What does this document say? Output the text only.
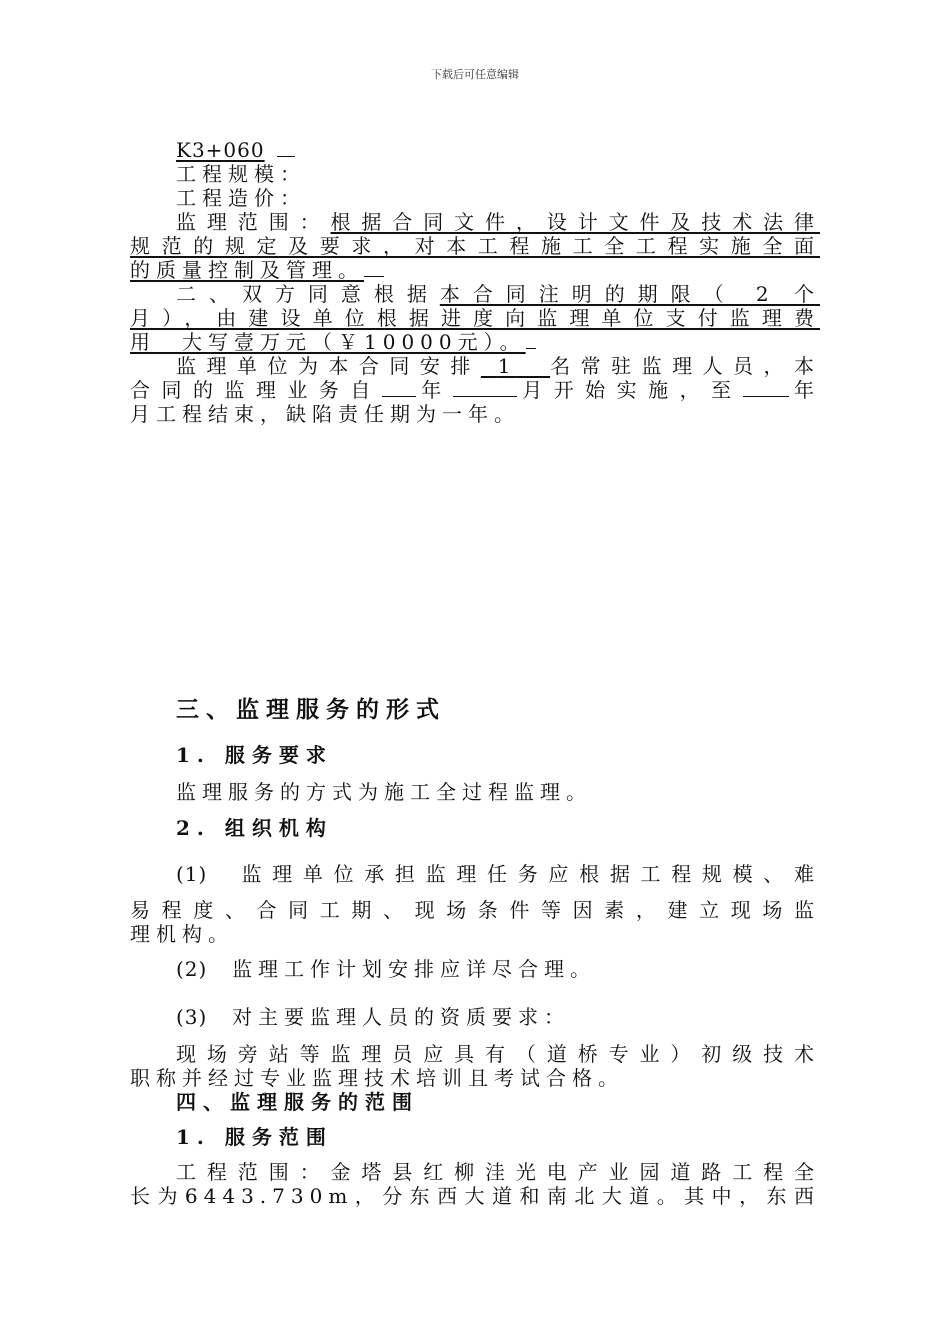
下载后可任意编辑
K3+060
工程规模：
工程造价：
监理范围：根据合同文件，设计文件及技术法律
规范的规定及要求，对本工程施工全工程实施全面
的质量控制及管理。
二、双方同意根据本合同注明的期限（ 2 个
月），由建设单位根据进度向监理单位支付监理费
用　大写壹万元（￥10000元）。
监理单位为本合同安排 1 名常驻监理人员，本
合同的监理业务自 年	月开始实施，至 年
月工程结束，缺陷责任期为一年。
三、监理服务的形式
1. 服务要求
监理服务的方式为施工全过程监理。
2. 组织机构
(1) 监理单位承担监理任务应根据工程规模、难
易程度、合同工期、现场条件等因素，建立现场监
理机构。
(2) 监理工作计划安排应详尽合理。
(3) 对主要监理人员的资质要求：
现场旁站等监理员应具有（道桥专业）初级技术
职称并经过专业监理技术培训且考试合格。
四、监理服务的范围
1. 服务范围
工程范围：金塔县红柳洼光电产业园道路工程全
长为6443.730m，分东西大道和南北大道。其中，东西
